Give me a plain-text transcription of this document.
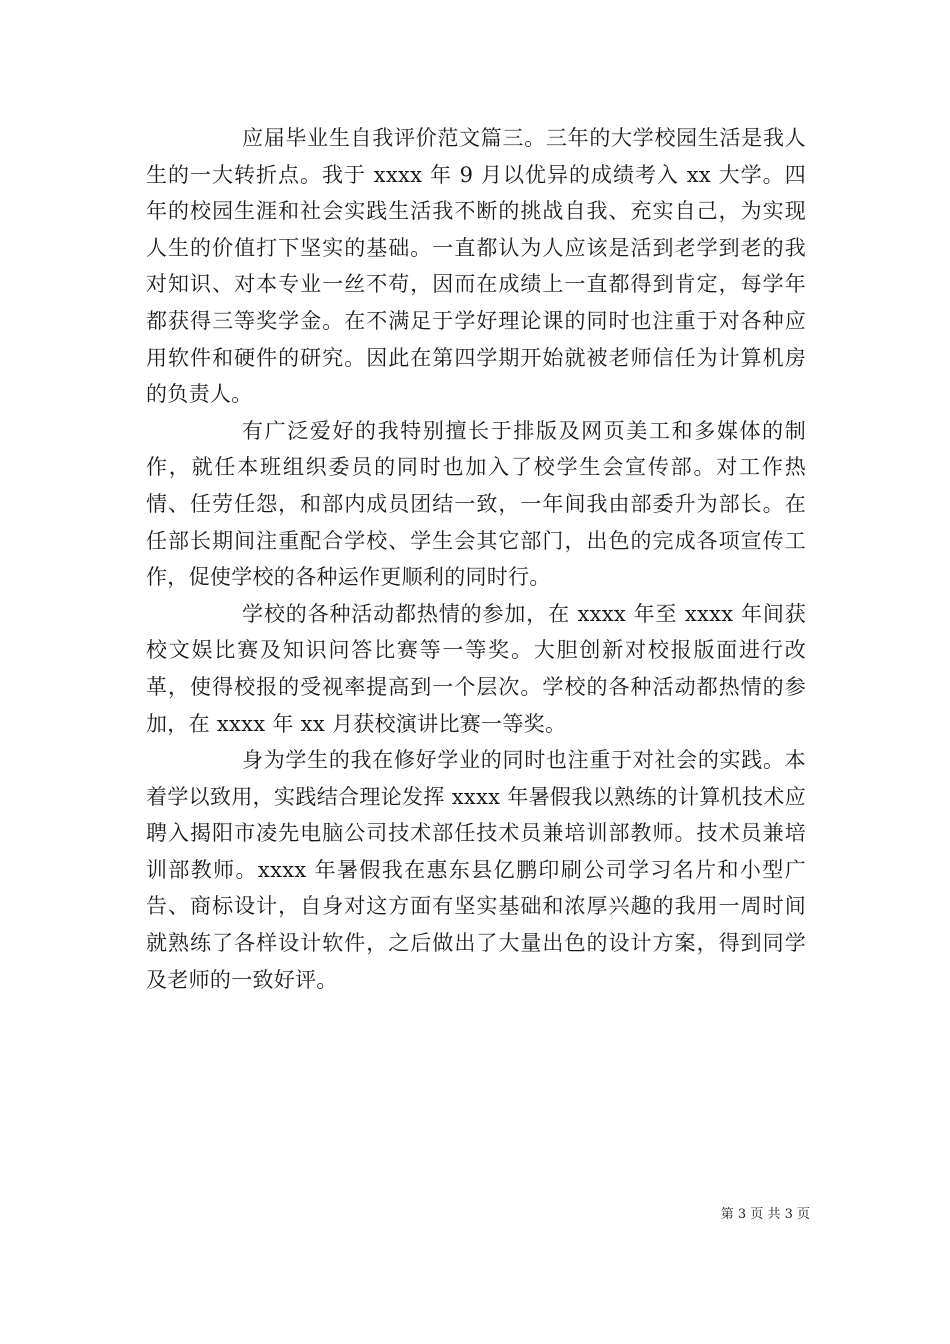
应届毕业生自我评价范文篇三。三年的大学校园生活是我人生的一大转折点。我于 xxxx 年 9 月以优异的成绩考入 xx 大学。四年的校园生涯和社会实践生活我不断的挑战自我、充实自己，为实现人生的价值打下坚实的基础。一直都认为人应该是活到老学到老的我对知识、对本专业一丝不苟，因而在成绩上一直都得到肯定，每学年都获得三等奖学金。在不满足于学好理论课的同时也注重于对各种应用软件和硬件的研究。因此在第四学期开始就被老师信任为计算机房的负责人。

有广泛爱好的我特别擅长于排版及网页美工和多媒体的制作，就任本班组织委员的同时也加入了校学生会宣传部。对工作热情、任劳任怨，和部内成员团结一致，一年间我由部委升为部长。在任部长期间注重配合学校、学生会其它部门，出色的完成各项宣传工作，促使学校的各种运作更顺利的同时行。

学校的各种活动都热情的参加，在 xxxx 年至 xxxx 年间获校文娱比赛及知识问答比赛等一等奖。大胆创新对校报版面进行改革，使得校报的受视率提高到一个层次。学校的各种活动都热情的参加，在 xxxx 年 xx 月获校演讲比赛一等奖。

身为学生的我在修好学业的同时也注重于对社会的实践。本着学以致用，实践结合理论发挥 xxxx 年暑假我以熟练的计算机技术应聘入揭阳市凌先电脑公司技术部任技术员兼培训部教师。技术员兼培训部教师。xxxx 年暑假我在惠东县亿鹏印刷公司学习名片和小型广告、商标设计，自身对这方面有坚实基础和浓厚兴趣的我用一周时间就熟练了各样设计软件，之后做出了大量出色的设计方案，得到同学及老师的一致好评。

第 3 页 共 3 页
